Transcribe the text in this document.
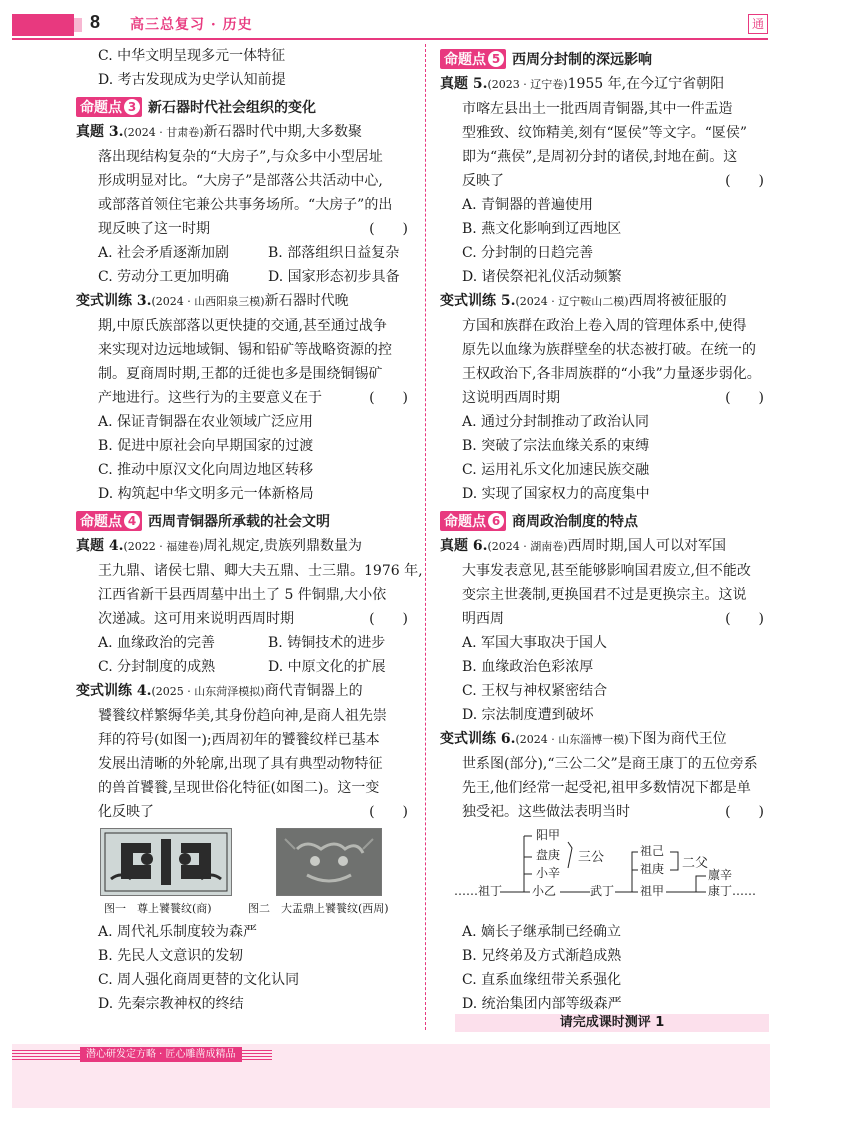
8 高三总复习 · 历史	通
C. 中华文明呈现多元一体特征
D. 考古发现成为史学认知前提
命题点 3 新石器时代社会组织的变化
真题 3.(2024 · 甘肃卷)新石器时代中期,大多数聚
落出现结构复杂的“大房子”,与众多中小型居址
形成明显对比。“大房子”是部落公共活动中心,
或部落首领住宅兼公共事务场所。“大房子”的出
现反映了这一时期	(　　)
A. 社会矛盾逐渐加剧	B. 部落组织日益复杂
C. 劳动分工更加明确	D. 国家形态初步具备
变式训练 3.(2024 · 山西阳泉三模)新石器时代晚
期,中原氏族部落以更快捷的交通,甚至通过战争
来实现对边远地域铜、锡和铅矿等战略资源的控
制。夏商周时期,王都的迁徙也多是围绕铜锡矿
产地进行。这些行为的主要意义在于	(　　)
A. 保证青铜器在农业领域广泛应用
B. 促进中原社会向早期国家的过渡
C. 推动中原汉文化向周边地区转移
D. 构筑起中华文明多元一体新格局
命题点 4 西周青铜器所承载的社会文明
真题 4.(2022 · 福建卷)周礼规定,贵族列鼎数量为
王九鼎、诸侯七鼎、卿大夫五鼎、士三鼎。1976 年,
江西省新干县西周墓中出土了 5 件铜鼎,大小依
次递减。这可用来说明西周时期	(　　)
A. 血缘政治的完善	B. 铸铜技术的进步
C. 分封制度的成熟	D. 中原文化的扩展
变式训练 4.(2025 · 山东菏泽模拟)商代青铜器上的
饕餮纹样繁缛华美,其身份趋向神,是商人祖先崇
拜的符号(如图一);西周初年的饕餮纹样已基本
发展出清晰的外轮廓,出现了具有典型动物特征
的兽首饕餮,呈现世俗化特征(如图二)。这一变
化反映了	(　　)
图一　尊上饕餮纹(商)	图二　大盂鼎上饕餮纹(西周)
A. 周代礼乐制度较为森严
B. 先民人文意识的发轫
C. 周人强化商周更替的文化认同
D. 先秦宗教神权的终结
命题点 5 西周分封制的深远影响
真题 5.(2023 · 辽宁卷)1955 年,在今辽宁省朝阳
市喀左县出土一批西周青铜器,其中一件盂造
型雅致、纹饰精美,刻有“匽侯”等文字。“匽侯”
即为“燕侯”,是周初分封的诸侯,封地在蓟。这
反映了	(　　)
A. 青铜器的普遍使用
B. 燕文化影响到辽西地区
C. 分封制的日趋完善
D. 诸侯祭祀礼仪活动频繁
变式训练 5.(2024 · 辽宁鞍山二模)西周将被征服的
方国和族群在政治上卷入周的管理体系中,使得
原先以血缘为族群壁垒的状态被打破。在统一的
王权政治下,各非周族群的“小我”力量逐步弱化。
这说明西周时期	(　　)
A. 通过分封制推动了政治认同
B. 突破了宗法血缘关系的束缚
C. 运用礼乐文化加速民族交融
D. 实现了国家权力的高度集中
命题点 6 商周政治制度的特点
真题 6.(2024 · 湖南卷)西周时期,国人可以对军国
大事发表意见,甚至能够影响国君废立,但不能改
变宗主世袭制,更换国君不过是更换宗主。这说
明西周	(　　)
A. 军国大事取决于国人
B. 血缘政治色彩浓厚
C. 王权与神权紧密结合
D. 宗法制度遭到破坏
变式训练 6.(2024 · 山东淄博一模)下图为商代王位
世系图(部分),“三公二父”是商王康丁的五位旁系
先王,他们经常一起受祀,祖甲多数情况下都是单
独受祀。这些做法表明当时	(　　)
阳甲
盘庚
小辛
三公
……祖丁 小乙	武丁
祖己
祖庚
祖甲
二父
廪辛
康丁……
A. 嫡长子继承制已经确立
B. 兄终弟及方式渐趋成熟
C. 直系血缘纽带关系强化
D. 统治集团内部等级森严
请完成课时测评 1
潜心研发定方略 · 匠心雕凿成精品
